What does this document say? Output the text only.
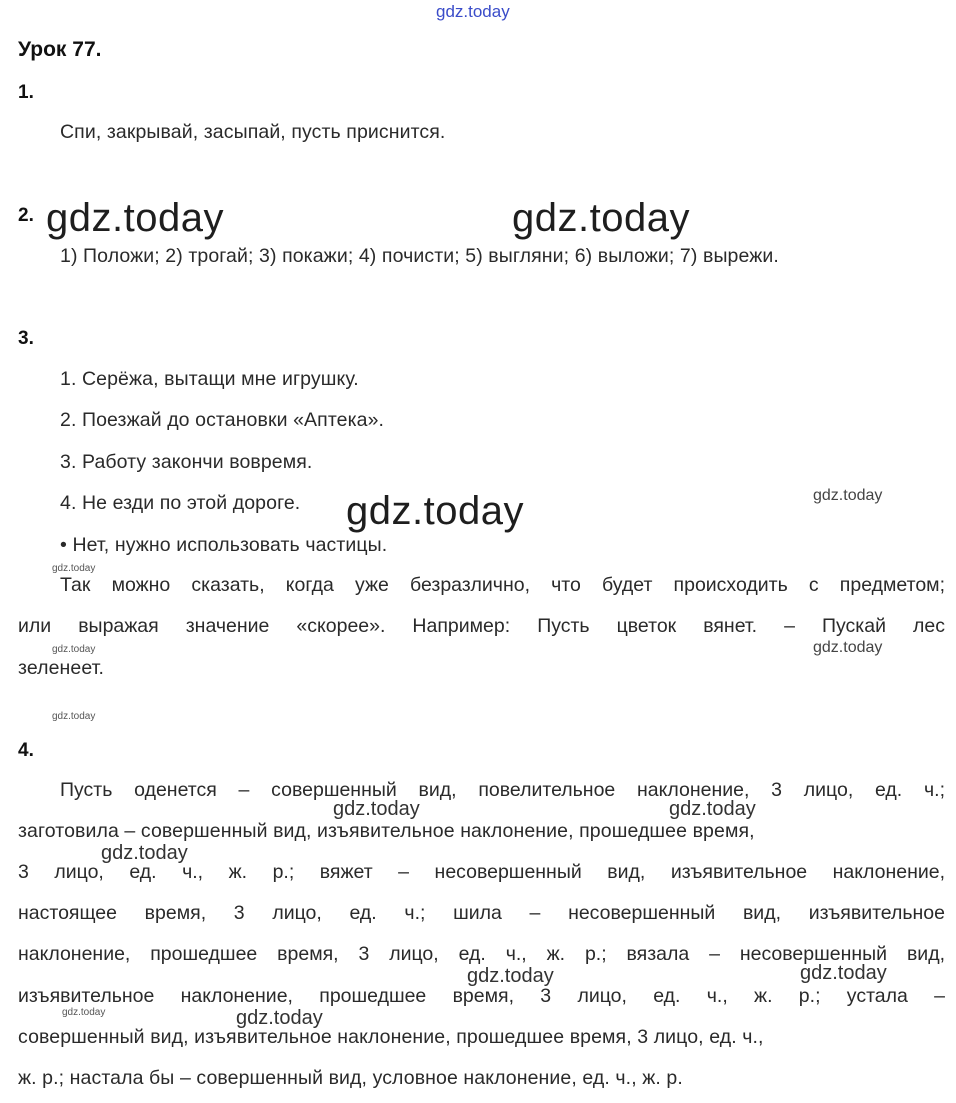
Урок 77.
1.
Спи, закрывай, засыпай, пусть приснится.
2.
1) Положи; 2) трогай; 3) покажи; 4) почисти; 5) выгляни; 6) выложи; 7) вырежи.
3.
1. Серёжа, вытащи мне игрушку.
2. Поезжай до остановки «Аптека».
3. Работу закончи вовремя.
4. Не езди по этой дороге.
• Нет, нужно использовать частицы.
Так можно сказать, когда уже безразлично, что будет происходить с предметом;
или выражая значение «скорее». Например: Пусть цветок вянет. – Пускай лес
зеленеет.
4.
Пусть оденется – совершенный вид, повелительное наклонение, 3 лицо, ед. ч.;
заготовила – совершенный вид, изъявительное наклонение, прошедшее время,
3 лицо, ед. ч., ж. р.; вяжет – несовершенный вид, изъявительное наклонение,
настоящее время, 3 лицо, ед. ч.; шила – несовершенный вид, изъявительное
наклонение, прошедшее время, 3 лицо, ед. ч., ж. р.; вязала – несовершенный вид,
изъявительное наклонение, прошедшее время, 3 лицо, ед. ч., ж. р.; устала –
совершенный вид, изъявительное наклонение, прошедшее время, 3 лицо, ед. ч.,
ж. р.; настала бы – совершенный вид, условное наклонение, ед. ч., ж. р.
gdz.today
gdz.today	gdz.today
gdz.today	gdz.today
gdz.today
gdz.today
gdz.today
gdz.today
gdz.today	gdz.today
gdz.today
gdz.today	gdz.today
gdz.today
gdz.today
